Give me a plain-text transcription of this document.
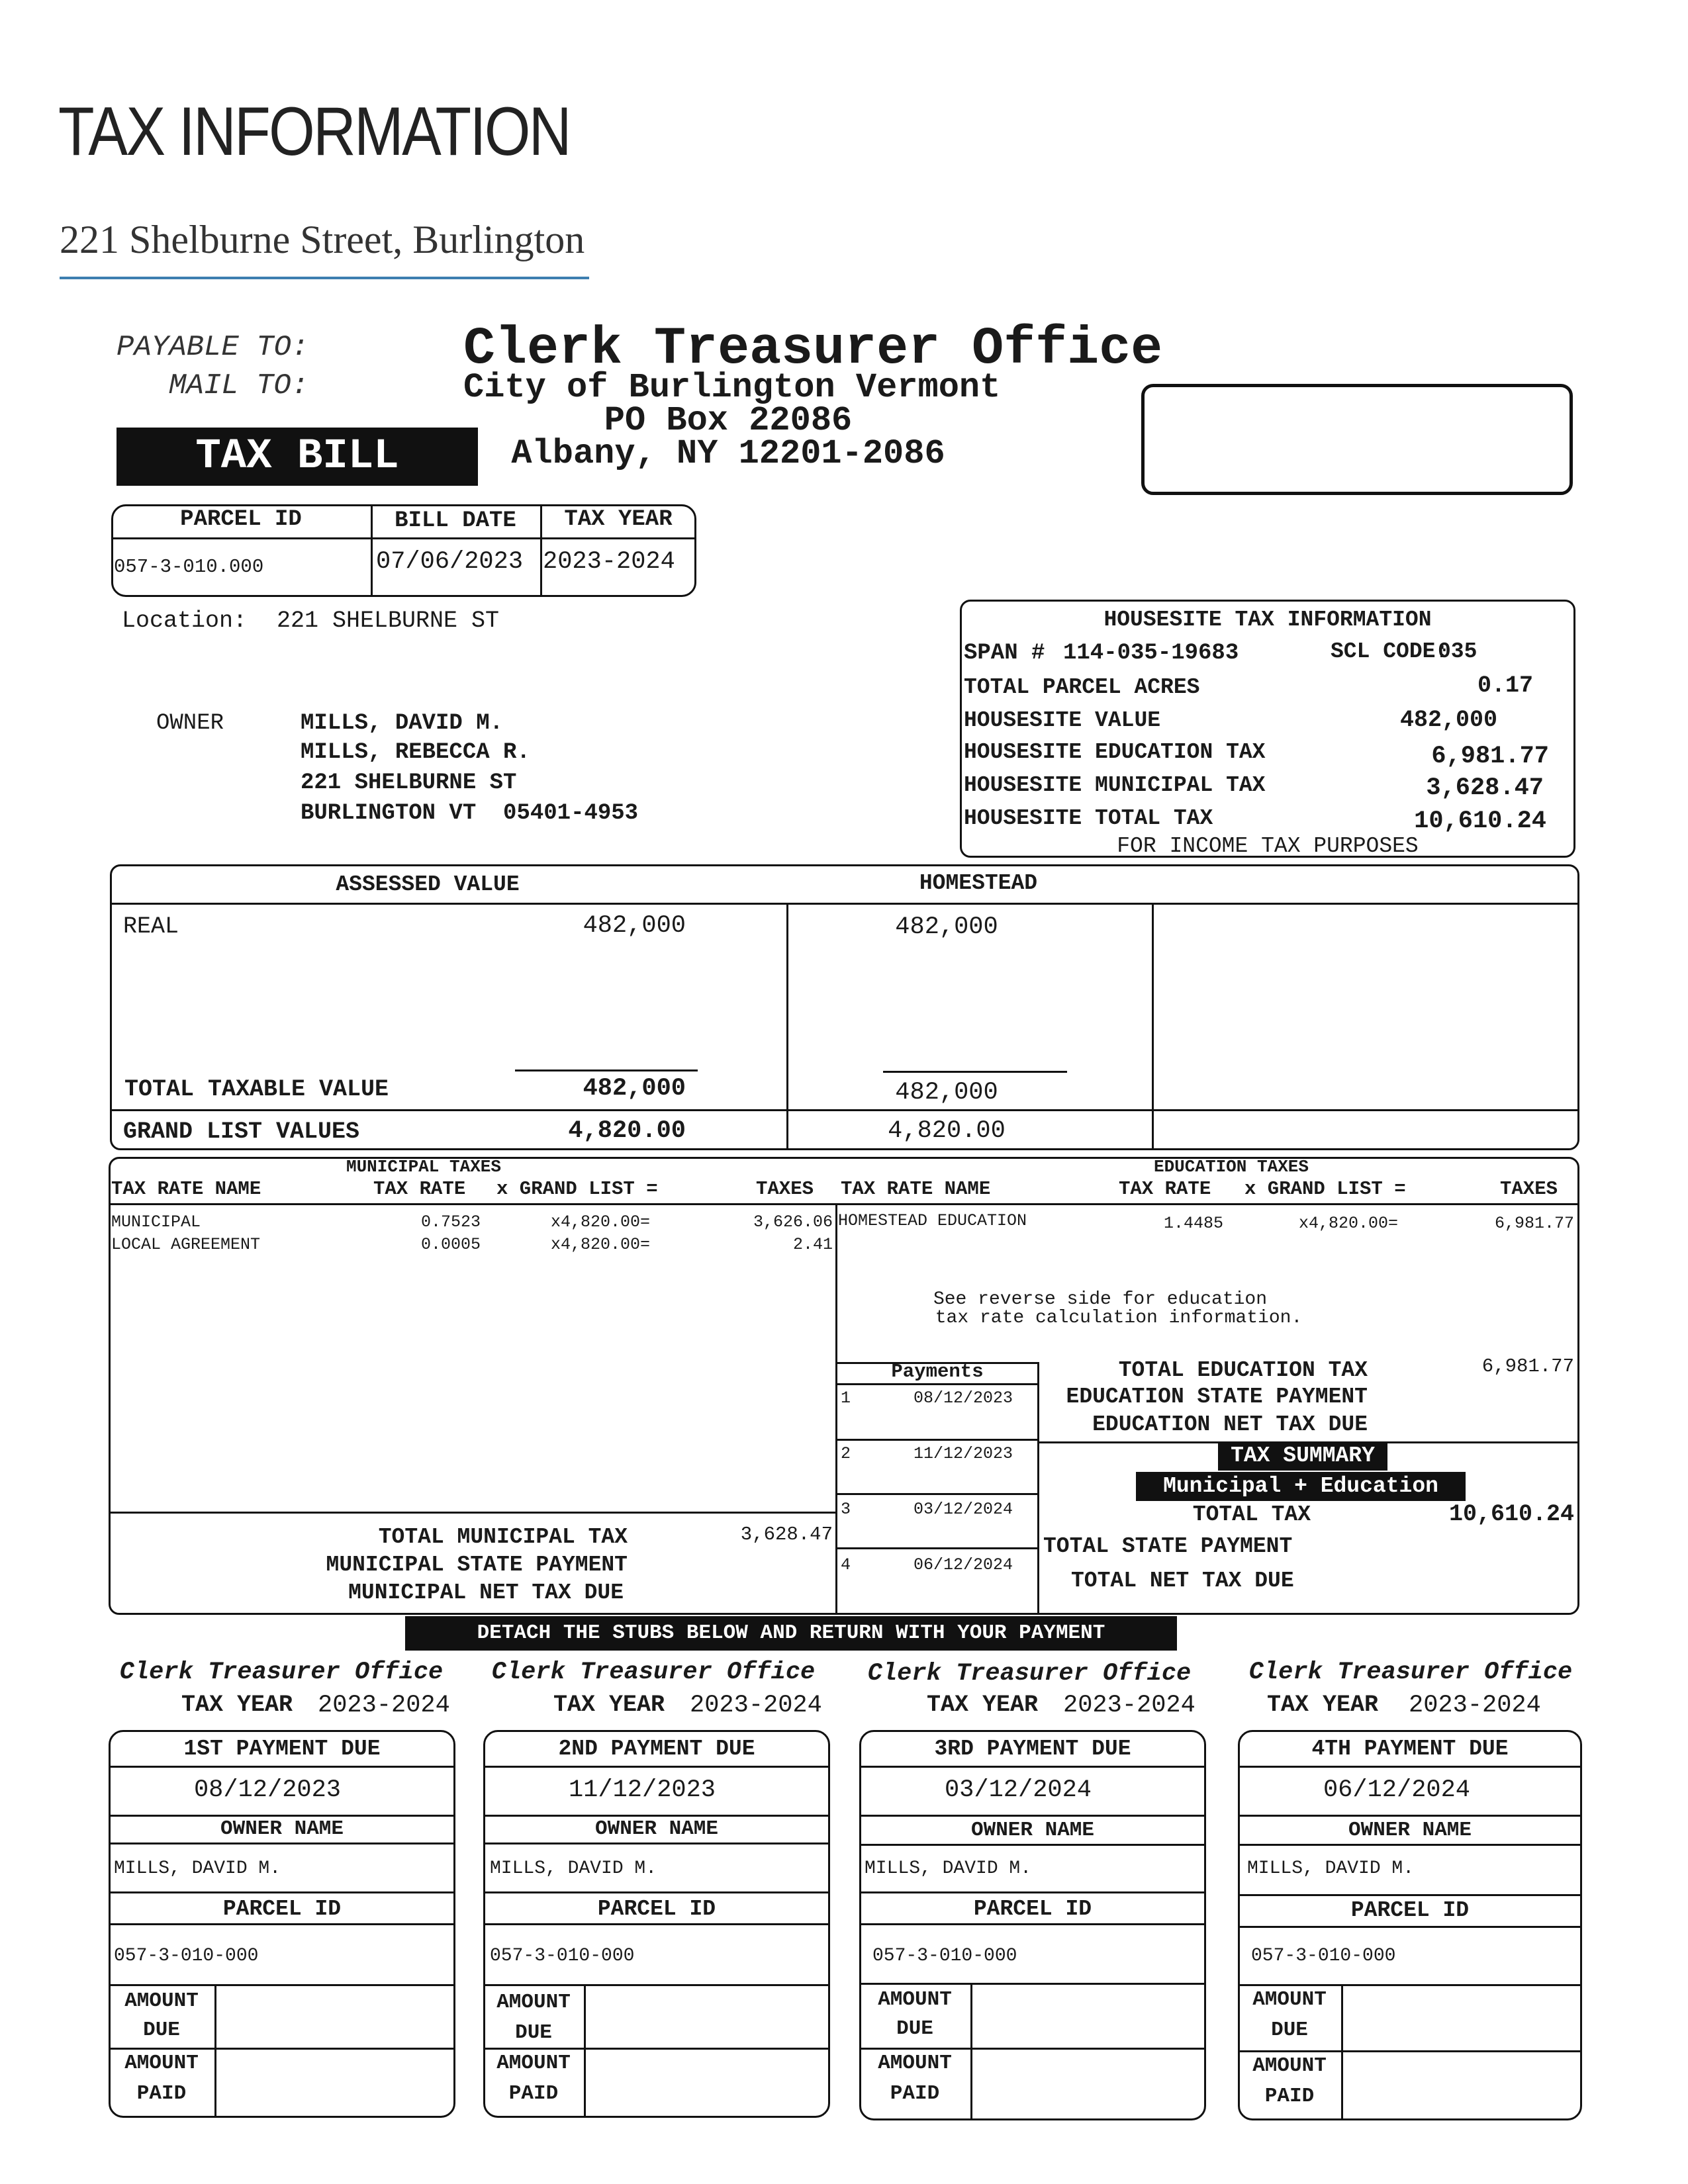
TAX INFORMATION
221 Shelburne Street, Burlington
PAYABLE TO:
MAIL TO:
TAX BILL
Clerk Treasurer Office
City of Burlington Vermont
PO Box 22086
Albany, NY 12201-2086
PARCEL ID	BILL DATE	TAX YEAR
057-3-010.000	07/06/2023 2023-2024
Location: 221 SHELBURNE ST
OWNER	MILLS, DAVID M.
MILLS, REBECCA R.
221 SHELBURNE ST
BURLINGTON VT  05401-4953
HOUSESITE TAX INFORMATION
SPAN # 114-035-19683	SCL CODE:
035
TOTAL PARCEL ACRES	0.17
HOUSESITE VALUE	482,000
HOUSESITE EDUCATION TAX	6,981.77
HOUSESITE MUNICIPAL TAX	3,628.47
HOUSESITE TOTAL TAX	10,610.24
FOR INCOME TAX PURPOSES
ASSESSED VALUE	HOMESTEAD
REAL	482,000	482,000
TOTAL TAXABLE VALUE	482,000	482,000
GRAND LIST VALUES	4,820.00	4,820.00
MUNICIPAL TAXES
TAX RATE NAME	TAX RATE x GRAND LIST =	TAXES
MUNICIPAL	0.7523	x4,820.00=	3,626.06
LOCAL AGREEMENT	0.0005	x4,820.00=	2.41
TOTAL MUNICIPAL TAX	3,628.47
MUNICIPAL STATE PAYMENT
MUNICIPAL NET TAX DUE
EDUCATION TAXES
TAX RATE NAME	TAX RATE x GRAND LIST =	TAXES
HOMESTEAD EDUCATION	1.4485	x4,820.00=	6,981.77
See reverse side for education
tax rate calculation information.
TOTAL EDUCATION TAX	6,981.77
EDUCATION STATE PAYMENT
EDUCATION NET TAX DUE
Payments
1	08/12/2023
2	11/12/2023
3	03/12/2024
4	06/12/2024
TAX SUMMARY
Municipal + Education
TOTAL TAX	10,610.24
TOTAL STATE PAYMENT
TOTAL NET TAX DUE
DETACH THE STUBS BELOW AND RETURN WITH YOUR PAYMENT
Clerk Treasurer Office
TAX YEAR 2023-2024
1ST PAYMENT DUE
08/12/2023
OWNER NAME
MILLS, DAVID M.
PARCEL ID
057-3-010-000
AMOUNT
DUE
AMOUNT
PAID
Clerk Treasurer Office
TAX YEAR 2023-2024
2ND PAYMENT DUE
11/12/2023
OWNER NAME
MILLS, DAVID M.
PARCEL ID
057-3-010-000
AMOUNT
DUE
AMOUNT
PAID
Clerk Treasurer Office
TAX YEAR 2023-2024
3RD PAYMENT DUE
03/12/2024
OWNER NAME
MILLS, DAVID M.
PARCEL ID
057-3-010-000
AMOUNT
DUE
AMOUNT
PAID
Clerk Treasurer Office
TAX YEAR 2023-2024
4TH PAYMENT DUE
06/12/2024
OWNER NAME
MILLS, DAVID M.
PARCEL ID
057-3-010-000
AMOUNT
DUE
AMOUNT
PAID
